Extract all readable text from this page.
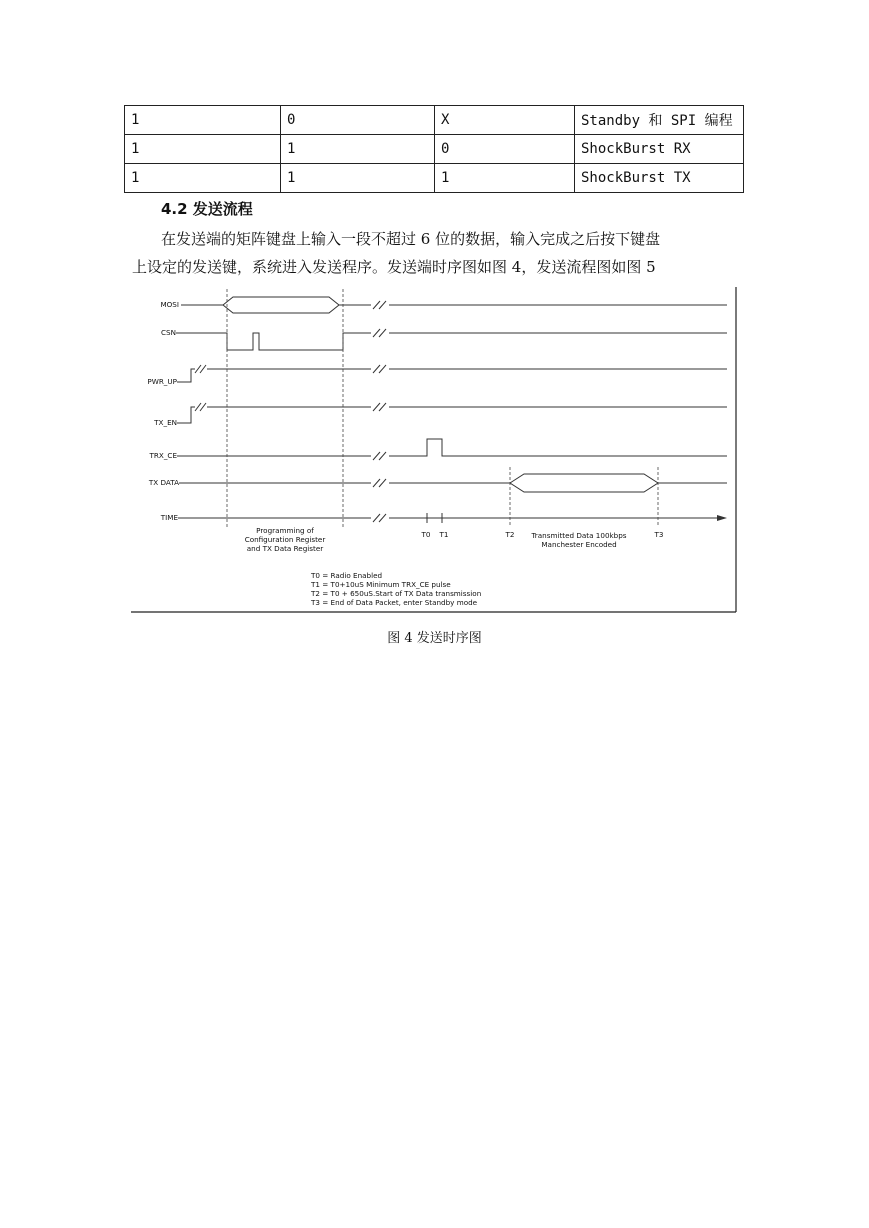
1	0	X	Standby 和 SPI 编程
1	1	0	ShockBurst RX
1	1	1	ShockBurst TX
4.2 发送流程

在发送端的矩阵键盘上输入一段不超过 6 位的数据，输入完成之后按下键盘

上设定的发送键，系统进入发送程序。发送端时序图如图 4，发送流程图如图 5

MOSI
CSN
PWR_UP
TX_EN
TRX_CE
TX DATA
TIME
Programming of
Configuration Register
and TX Data Register
T0 T1	T2	T3
Transmitted Data 100kbps
Manchester Encoded
T0 = Radio Enabled
T1 = T0+10uS Minimum TRX_CE pulse
T2 = T0 + 650uS.Start of TX Data transmission
T3 = End of Data Packet, enter Standby mode

图 4 发送时序图
